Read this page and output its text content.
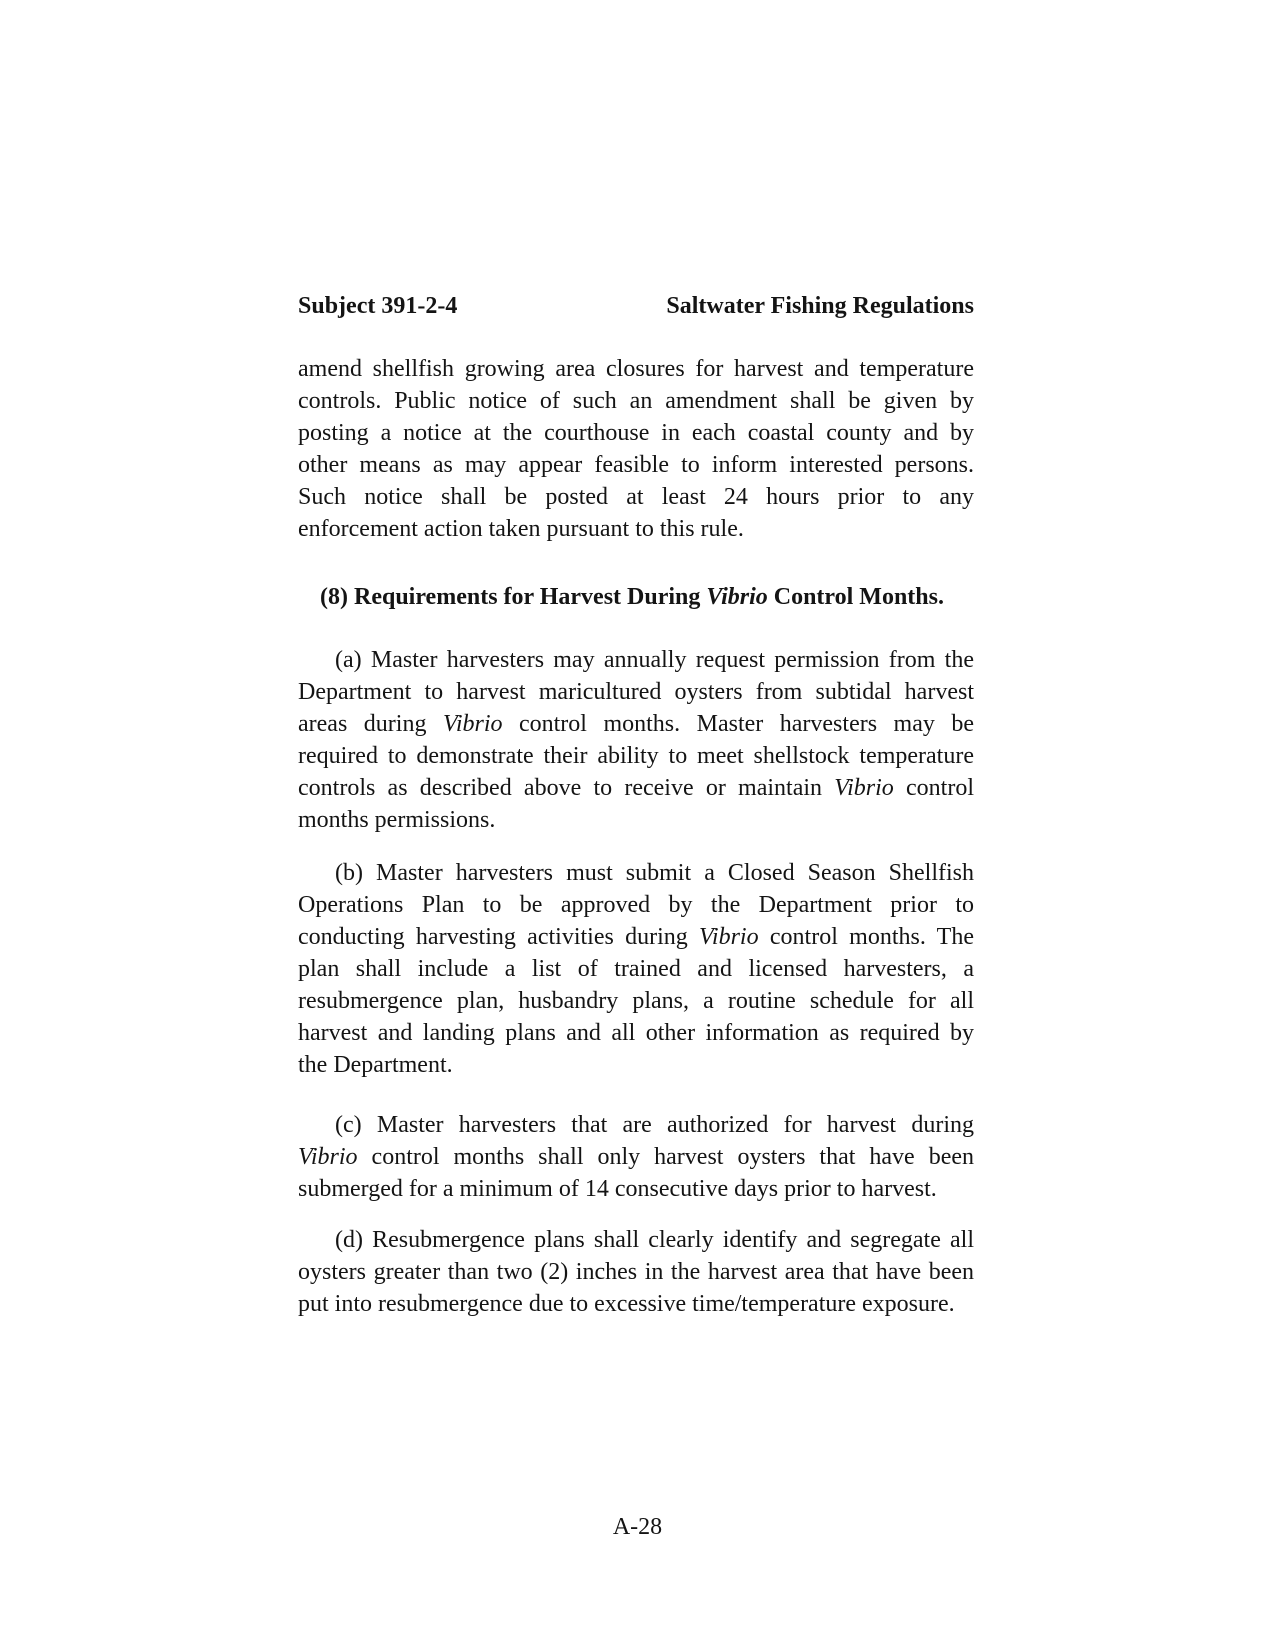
Subject 391-2-4	Saltwater Fishing Regulations
amend shellfish growing area closures for harvest and temperature
controls. Public notice of such an amendment shall be given by
posting a notice at the courthouse in each coastal county and by
other means as may appear feasible to inform interested persons.
Such notice shall be posted at least 24 hours prior to any
enforcement action taken pursuant to this rule.
(8) Requirements for Harvest During Vibrio Control Months.
(a) Master harvesters may annually request permission from the
Department to harvest maricultured oysters from subtidal harvest
areas during Vibrio control months. Master harvesters may be
required to demonstrate their ability to meet shellstock temperature
controls as described above to receive or maintain Vibrio control
months permissions.
(b) Master harvesters must submit a Closed Season Shellfish
Operations Plan to be approved by the Department prior to
conducting harvesting activities during Vibrio control months. The
plan shall include a list of trained and licensed harvesters, a
resubmergence plan, husbandry plans, a routine schedule for all
harvest and landing plans and all other information as required by
the Department.
(c) Master harvesters that are authorized for harvest during
Vibrio control months shall only harvest oysters that have been
submerged for a minimum of 14 consecutive days prior to harvest.
(d) Resubmergence plans shall clearly identify and segregate all
oysters greater than two (2) inches in the harvest area that have been
put into resubmergence due to excessive time/temperature exposure.
A-28
